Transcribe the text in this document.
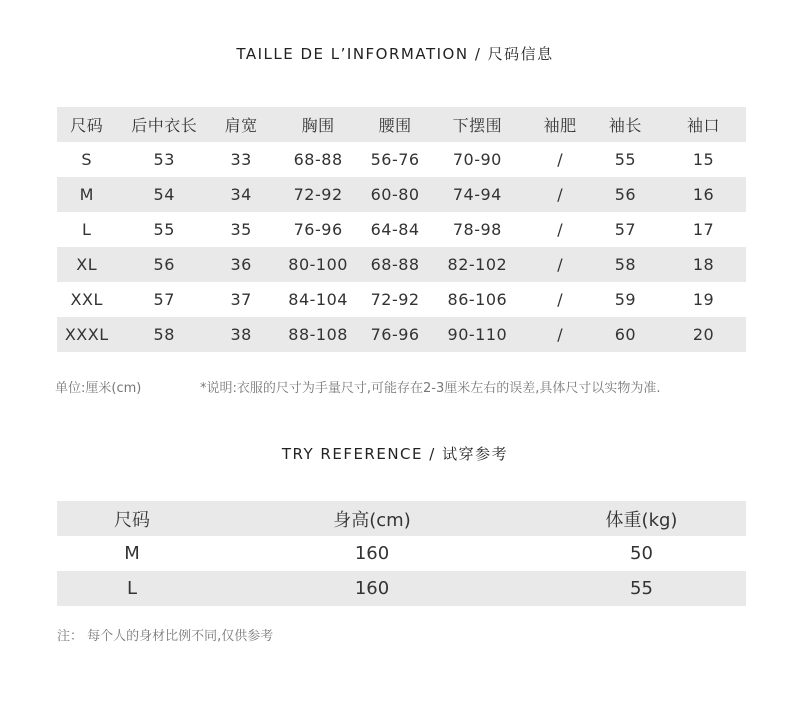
TAILLE DE L’INFORMATION / 尺码信息
尺码	后中衣长	肩宽	胸围	腰围	下摆围	袖肥	袖长	袖口
S	53	33	68-88	56-76	70-90	/	55	15
M	54	34	72-92	60-80	74-94	/	56	16
L	55	35	76-96	64-84	78-98	/	57	17
XL	56	36	80-100	68-88	82-102	/	58	18
XXL	57	37	84-104	72-92	86-106	/	59	19
XXXL	58	38	88-108	76-96	90-110	/	60	20
单位:厘米(cm)	*说明:衣服的尺寸为手量尺寸,可能存在2-3厘米左右的误差,具体尺寸以实物为准.
TRY REFERENCE / 试穿参考
尺码	身高(cm)	体重(kg)
M	160	50
L	160	55
注： 每个人的身材比例不同,仅供参考
